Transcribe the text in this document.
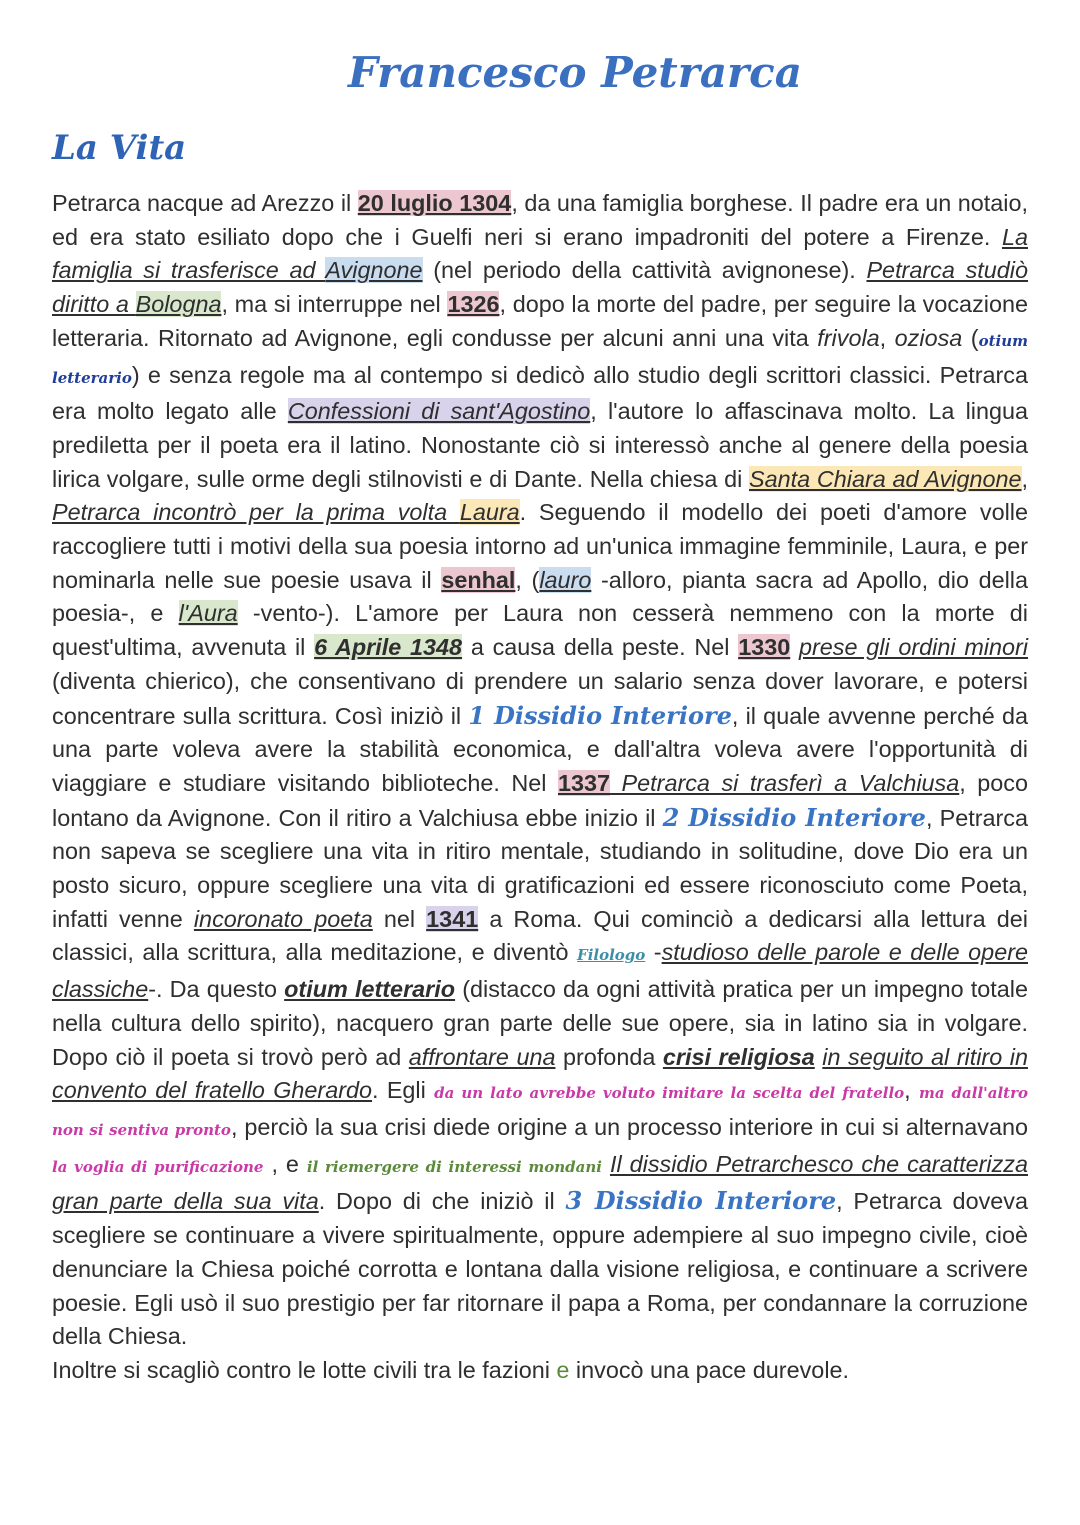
Francesco Petrarca
La Vita

Petrarca nacque ad Arezzo il 20 luglio 1304, da una famiglia borghese. Il padre era un notaio, ed era stato esiliato dopo che i Guelfi neri si erano impadroniti del potere a Firenze. La famiglia si trasferisce ad Avignone (nel periodo della cattività avignonese). Petrarca studiò diritto a Bologna, ma si interruppe nel 1326, dopo la morte del padre, per seguire la vocazione letteraria. Ritornato ad Avignone, egli condusse per alcuni anni una vita frivola, oziosa (otium letterario) e senza regole ma al contempo si dedicò allo studio degli scrittori classici. Petrarca era molto legato alle Confessioni di sant'Agostino, l'autore lo affascinava molto. La lingua prediletta per il poeta era il latino. Nonostante ciò si interessò anche al genere della poesia lirica volgare, sulle orme degli stilnovisti e di Dante. Nella chiesa di Santa Chiara ad Avignone, Petrarca incontrò per la prima volta Laura. Seguendo il modello dei poeti d'amore volle raccogliere tutti i motivi della sua poesia intorno ad un'unica immagine femminile, Laura, e per nominarla nelle sue poesie usava il senhal, (lauro -alloro, pianta sacra ad Apollo, dio della poesia-, e l'Aura -vento-). L'amore per Laura non cesserà nemmeno con la morte di quest'ultima, avvenuta il 6 Aprile 1348 a causa della peste. Nel 1330 prese gli ordini minori (diventa chierico), che consentivano di prendere un salario senza dover lavorare, e potersi concentrare sulla scrittura. Così iniziò il 1 Dissidio Interiore, il quale avvenne perché da una parte voleva avere la stabilità economica, e dall'altra voleva avere l'opportunità di viaggiare e studiare visitando biblioteche. Nel 1337 Petrarca si trasferì a Valchiusa, poco lontano da Avignone. Con il ritiro a Valchiusa ebbe inizio il 2 Dissidio Interiore, Petrarca non sapeva se scegliere una vita in ritiro mentale, studiando in solitudine, dove Dio era un posto sicuro, oppure scegliere una vita di gratificazioni ed essere riconosciuto come Poeta, infatti venne incoronato poeta nel 1341 a Roma. Qui cominciò a dedicarsi alla lettura dei classici, alla scrittura, alla meditazione, e diventò Filologo -studioso delle parole e delle opere classiche-. Da questo otium letterario (distacco da ogni attività pratica per un impegno totale nella cultura dello spirito), nacquero gran parte delle sue opere, sia in latino sia in volgare. Dopo ciò il poeta si trovò però ad affrontare una profonda crisi religiosa in seguito al ritiro in convento del fratello Gherardo. Egli da un lato avrebbe voluto imitare la scelta del fratello, ma dall'altro non si sentiva pronto, perciò la sua crisi diede origine a un processo interiore in cui si alternavano la voglia di purificazione , e il riemergere di interessi mondani Il dissidio Petrarchesco che caratterizza gran parte della sua vita. Dopo di che iniziò il 3 Dissidio Interiore, Petrarca doveva scegliere se continuare a vivere spiritualmente, oppure adempiere al suo impegno civile, cioè denunciare la Chiesa poiché corrotta e lontana dalla visione religiosa, e continuare a scrivere poesie. Egli usò il suo prestigio per far ritornare il papa a Roma, per condannare la corruzione della Chiesa.

Inoltre si scagliò contro le lotte civili tra le fazioni e invocò una pace durevole.
